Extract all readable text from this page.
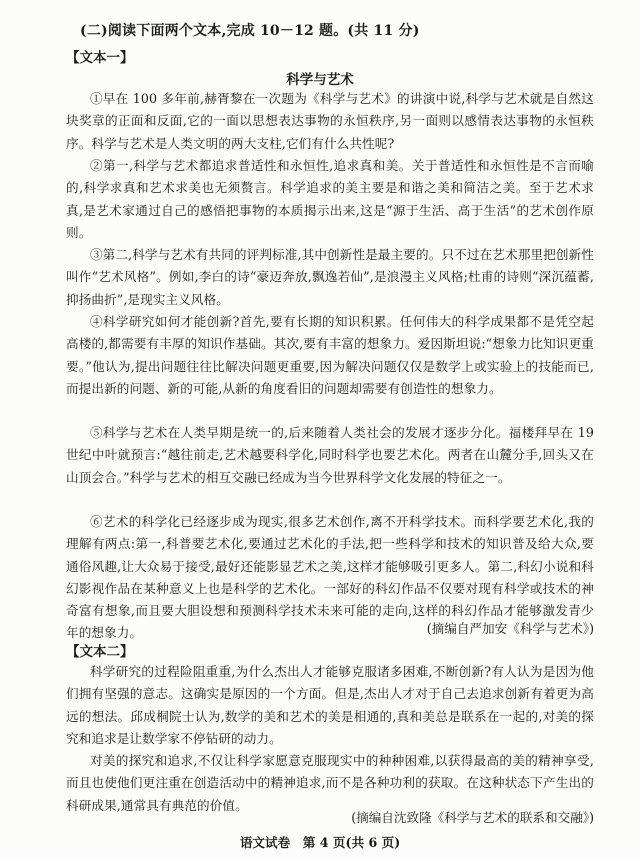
(二)阅读下面两个文本,完成 10－12 题。(共 11 分)
【文本一】
科学与艺术

①早在 100 多年前,赫胥黎在一次题为《科学与艺术》的讲演中说,科学与艺术就是自然这块奖章的正面和反面,它的一面以思想表达事物的永恒秩序,另一面则以感情表达事物的永恒秩序。科学与艺术是人类文明的两大支柱,它们有什么共性呢?

②第一,科学与艺术都追求普适性和永恒性,追求真和美。关于普适性和永恒性是不言而喻的,科学求真和艺术求美也无须赘言。科学追求的美主要是和谐之美和简洁之美。至于艺术求真,是艺术家通过自己的感悟把事物的本质揭示出来,这是“源于生活、高于生活”的艺术创作原则。

③第二,科学与艺术有共同的评判标准,其中创新性是最主要的。只不过在艺术那里把创新性叫作“艺术风格”。例如,李白的诗“豪迈奔放,飘逸若仙”,是浪漫主义风格;杜甫的诗则“深沉蕴蓄,抑扬曲折”,是现实主义风格。

④科学研究如何才能创新?首先,要有长期的知识积累。任何伟大的科学成果都不是凭空起高楼的,都需要有丰厚的知识作基础。其次,要有丰富的想象力。爱因斯坦说:“想象力比知识更重要。”他认为,提出问题往往比解决问题更重要,因为解决问题仅仅是数学上或实验上的技能而已,而提出新的问题、新的可能,从新的角度看旧的问题却需要有创造性的想象力。

⑤科学与艺术在人类早期是统一的,后来随着人类社会的发展才逐步分化。福楼拜早在 19 世纪中叶就预言:“越往前走,艺术越要科学化,同时科学也要艺术化。两者在山麓分手,回头又在山顶会合。”科学与艺术的相互交融已经成为当今世界科学文化发展的特征之一。

⑥艺术的科学化已经逐步成为现实,很多艺术创作,离不开科学技术。而科学要艺术化,我的理解有两点:第一,科普要艺术化,要通过艺术化的手法,把一些科学和技术的知识普及给大众,要通俗风趣,让大众易于接受,最好还能影显艺术之美,这样才能够吸引更多人。第二,科幻小说和科幻影视作品在某种意义上也是科学的艺术化。一部好的科幻作品不仅要对现有科学或技术的神奇富有想象,而且要大胆设想和预测科学技术未来可能的走向,这样的科幻作品才能够激发青少年的想象力。	(摘编自严加安《科学与艺术》)
【文本二】

科学研究的过程险阻重重,为什么杰出人才能够克服诸多困难,不断创新?有人认为是因为他们拥有坚强的意志。这确实是原因的一个方面。但是,杰出人才对于自己去追求创新有着更为高远的想法。邱成桐院士认为,数学的美和艺术的美是相通的,真和美总是联系在一起的,对美的探究和追求是让数学家不停钻研的动力。

对美的探究和追求,不仅让科学家愿意克服现实中的种种困难,以获得最高的美的精神享受,而且也使他们更注重在创造活动中的精神追求,而不是各种功利的获取。在这种状态下产生出的科研成果,通常具有典范的价值。

(摘编自沈致隆《科学与艺术的联系和交融》)
语文试卷　第 4 页(共 6 页)
